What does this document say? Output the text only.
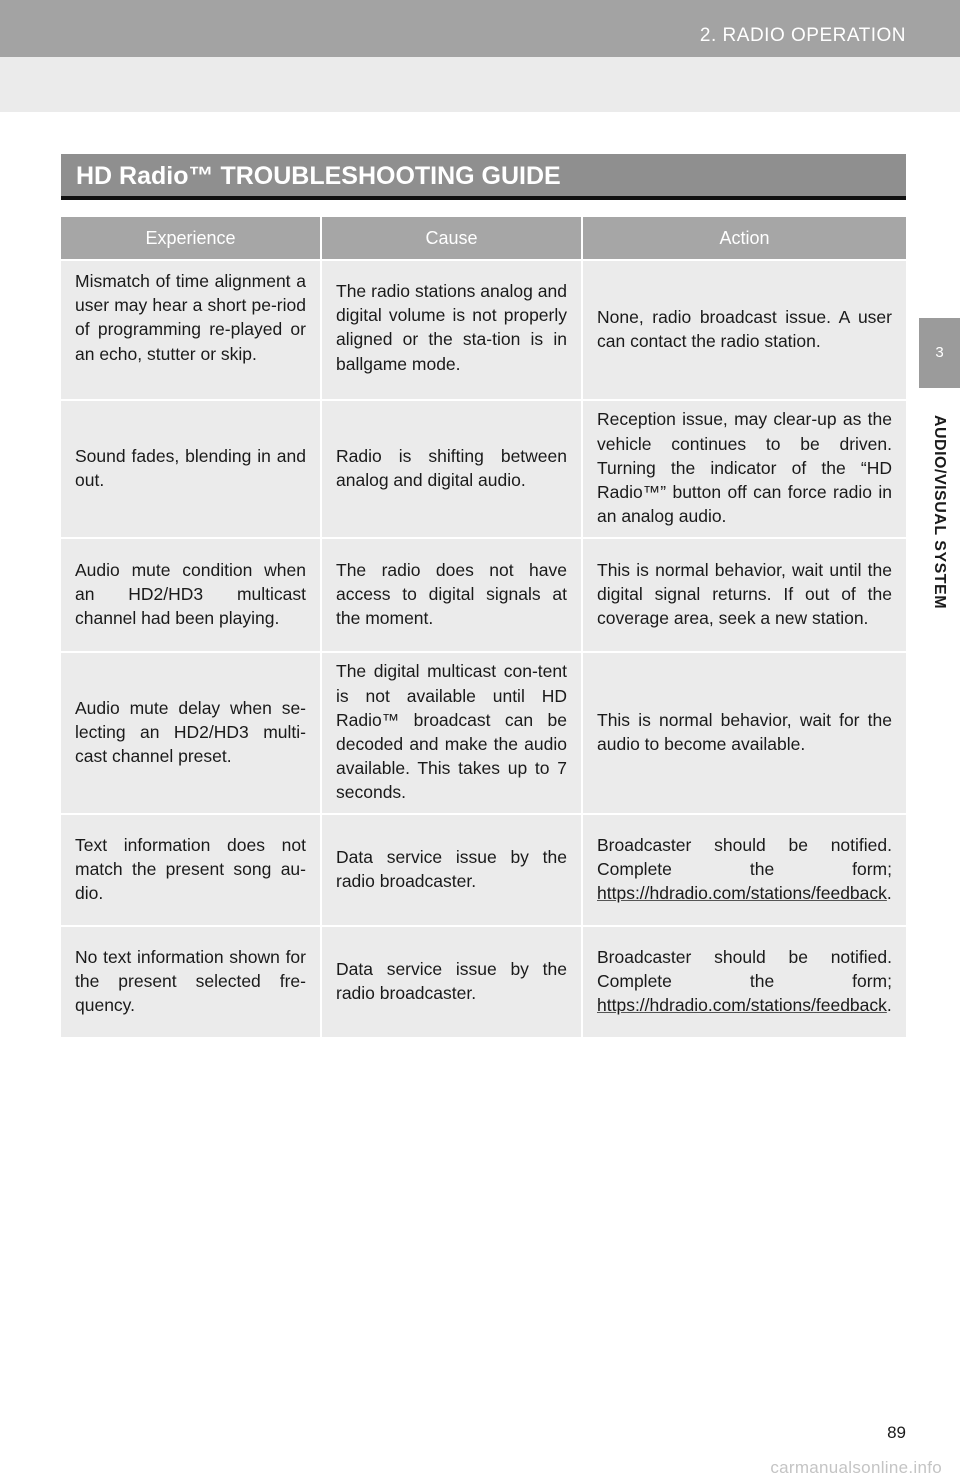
2. RADIO OPERATION
3
AUDIO/VISUAL SYSTEM
HD Radio™ TROUBLESHOOTING GUIDE
Experience	Cause	Action
Mismatch of time alignment a user may hear a short pe-riod of programming re-played or an echo, stutter or skip.	The radio stations analog and digital volume is not properly aligned or the sta-tion is in ballgame mode.	None, radio broadcast issue. A user can contact the radio station.
Sound fades, blending in and out.	Radio is shifting between analog and digital audio.	Reception issue, may clear-up as the vehicle continues to be driven. Turning the indicator of the “HD Radio™” button off can force radio in an analog audio.
Audio mute condition when an HD2/HD3 multicast channel had been playing.	The radio does not have access to digital signals at the moment.	This is normal behavior, wait until the digital signal returns. If out of the coverage area, seek a new station.
Audio mute delay when se-lecting an HD2/HD3 multi-cast channel preset.	The digital multicast con-tent is not available until HD Radio™ broadcast can be decoded and make the audio available. This takes up to 7 seconds.	This is normal behavior, wait for the audio to become available.
Text information does not match the present song au-dio.	Data service issue by the radio broadcaster.	Broadcaster should be notified. Complete the form; https://hdradio.com/stations/feedback.
No text information shown for the present selected fre-quency.	Data service issue by the radio broadcaster.	Broadcaster should be notified. Complete the form; https://hdradio.com/stations/feedback.
89
carmanualsonline.info
